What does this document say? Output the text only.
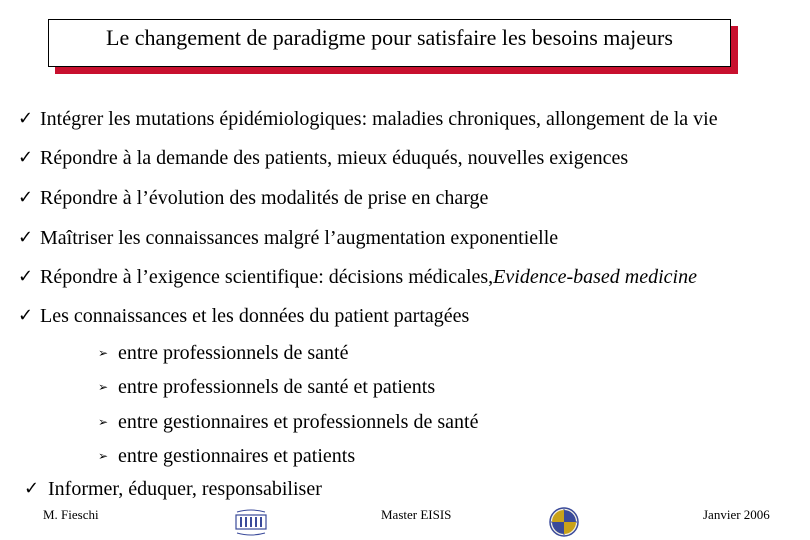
Le changement de paradigme pour satisfaire les besoins majeurs
✓ Intégrer les mutations épidémiologiques: maladies chroniques, allongement de la vie
✓ Répondre à la demande des patients, mieux éduqués, nouvelles exigences
✓ Répondre à l’évolution des modalités de prise en charge
✓ Maîtriser les connaissances malgré l’augmentation exponentielle
✓ Répondre à l’exigence scientifique: décisions médicales, Evidence-based medicine
✓ Les connaissances et les données du patient partagées
➢ entre professionnels de santé
➢ entre professionnels de santé et patients
➢ entre gestionnaires et professionnels de santé
➢ entre gestionnaires et patients
✓ Informer, éduquer, responsabiliser
M. Fieschi	Master EISIS	Janvier 2006
